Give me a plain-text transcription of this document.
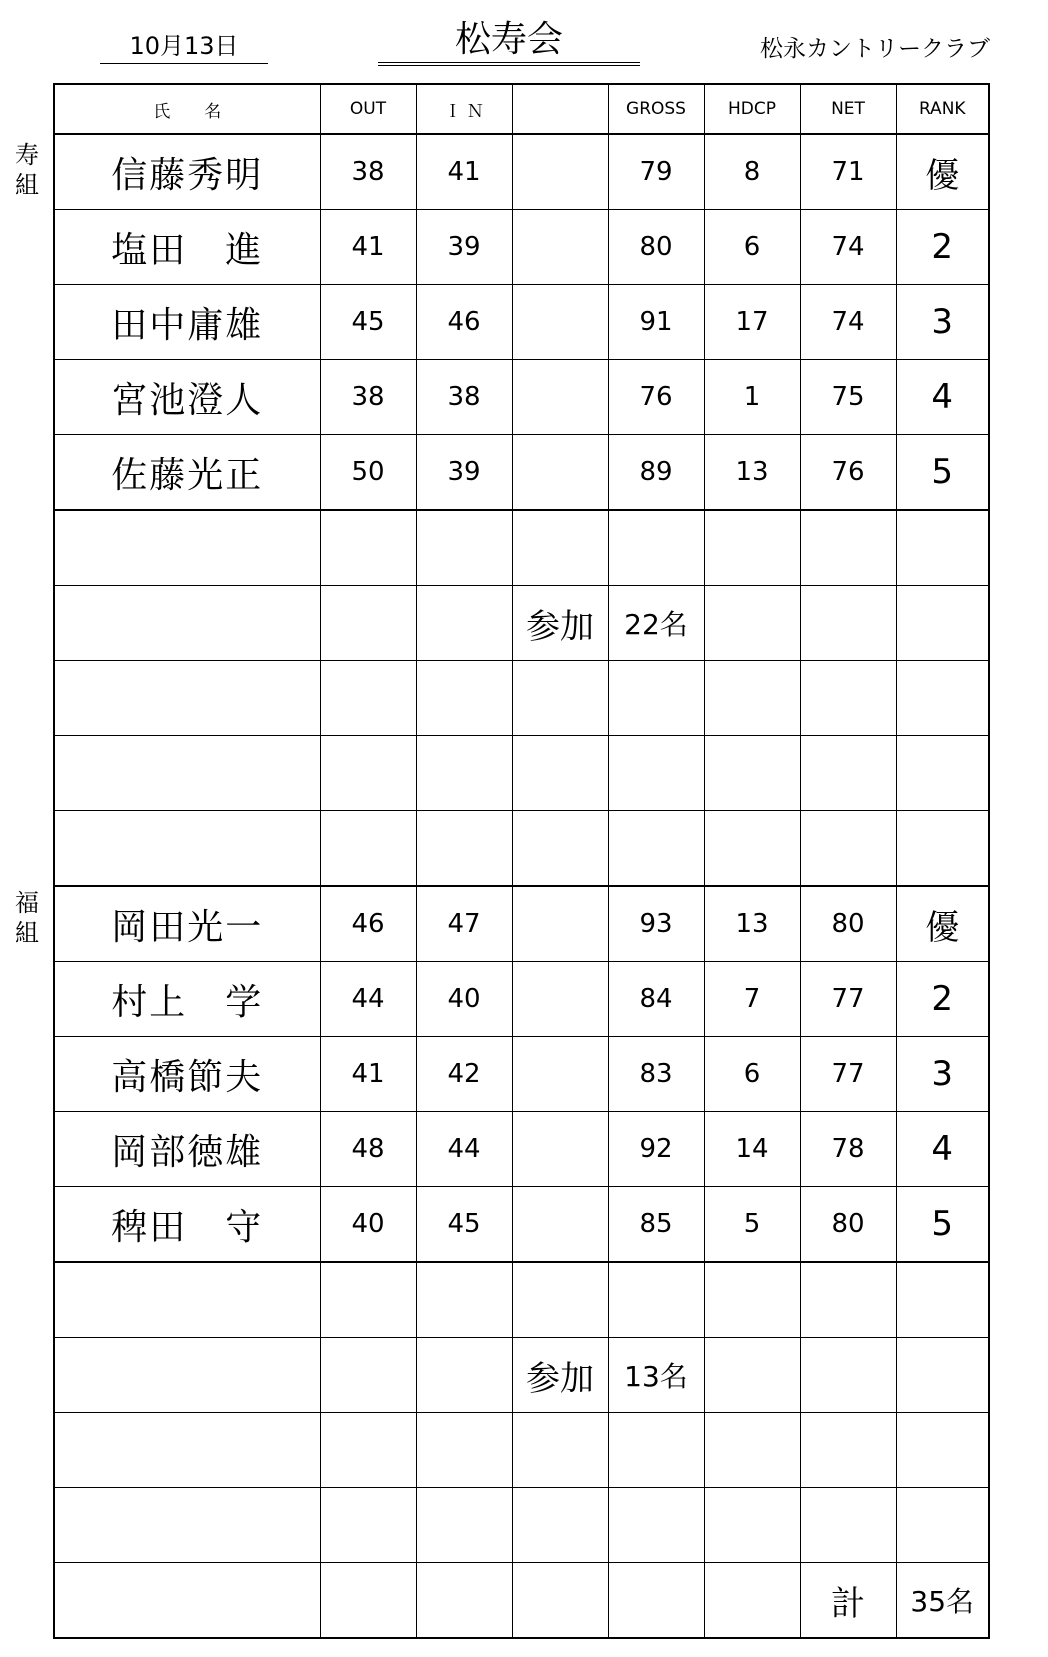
10月13日	松寿会	松永カントリークラブ
寿組
福組
氏　　名	OUT	Ｉ Ｎ		GROSS	HDCP	NET	RANK
信藤秀明	38	41		79	8	71	優
塩田　進	41	39		80	6	74	2
田中庸雄	45	46		91	17	74	3
宮池澄人	38	38		76	1	75	4
佐藤光正	50	39		89	13	76	5

			参加	22名			

岡田光一	46	47		93	13	80	優
村上　学	44	40		84	7	77	2
高橋節夫	41	42		83	6	77	3
岡部徳雄	48	44		92	14	78	4
稗田　守	40	45		85	5	80	5

			参加	13名			

						計	35名
